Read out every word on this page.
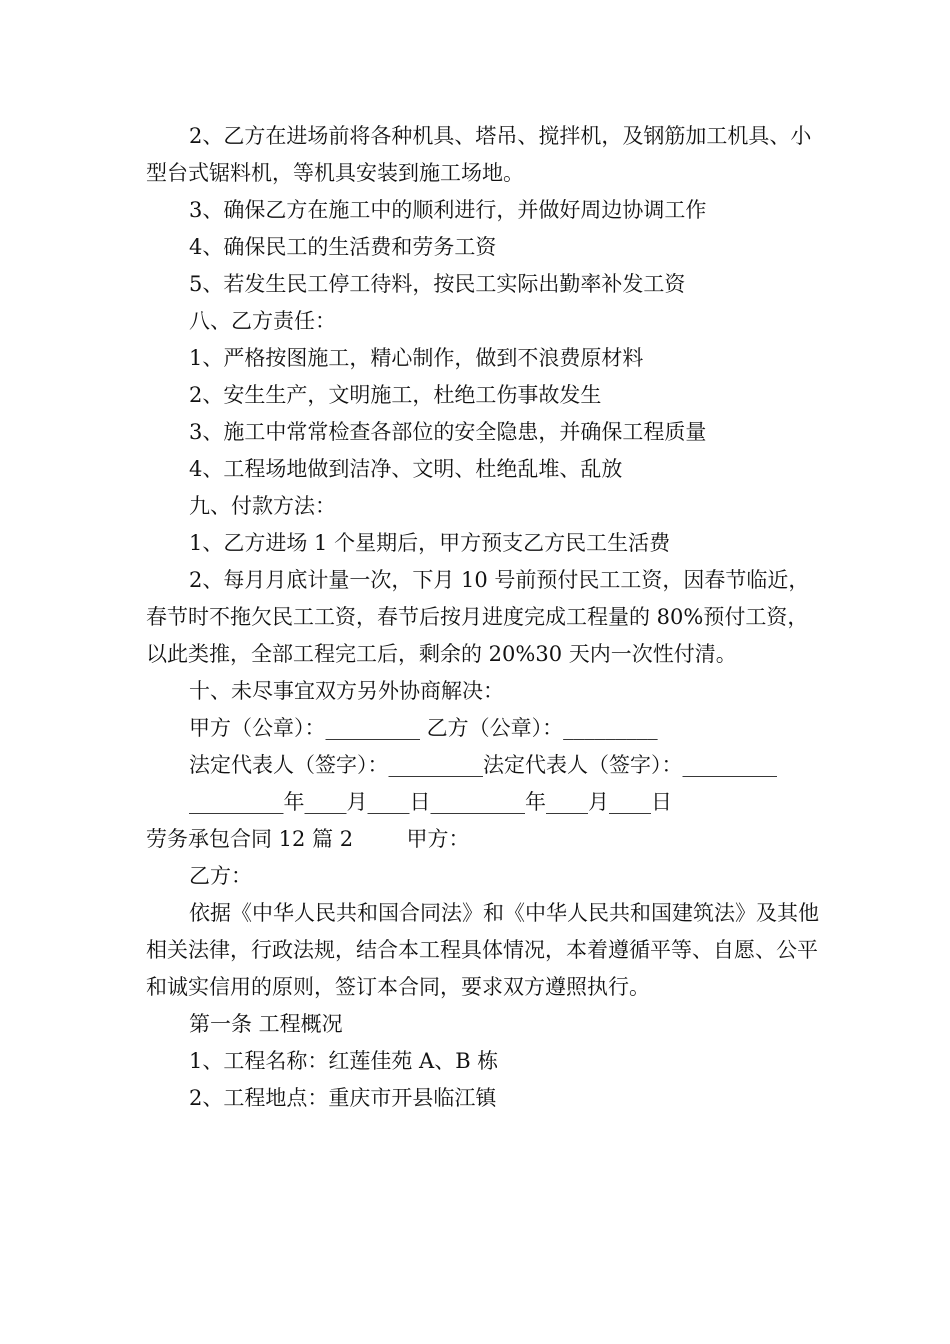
2、乙方在进场前将各种机具、塔吊、搅拌机，及钢筋加工机具、小型台式锯料机，等机具安装到施工场地。

3、确保乙方在施工中的顺利进行，并做好周边协调工作

4、确保民工的生活费和劳务工资

5、若发生民工停工待料，按民工实际出勤率补发工资

八、乙方责任：

1、严格按图施工，精心制作，做到不浪费原材料

2、安生生产，文明施工，杜绝工伤事故发生

3、施工中常常检查各部位的安全隐患，并确保工程质量

4、工程场地做到洁净、文明、杜绝乱堆、乱放

九、付款方法：

1、乙方进场 1 个星期后，甲方预支乙方民工生活费

2、每月月底计量一次，下月 10 号前预付民工工资，因春节临近，春节时不拖欠民工工资，春节后按月进度完成工程量的 80%预付工资，以此类推，全部工程完工后，剩余的 20%30 天内一次性付清。

十、未尽事宜双方另外协商解决：

甲方（公章）：_________ 乙方（公章）：_________

法定代表人（签字）：_________法定代表人（签字）：_________

_________年____月____日_________年____月____日

劳务承包合同 12 篇 2        甲方：

乙方：

依据《中华人民共和国合同法》和《中华人民共和国建筑法》及其他相关法律，行政法规，结合本工程具体情况，本着遵循平等、自愿、公平和诚实信用的原则，签订本合同，要求双方遵照执行。

第一条 工程概况

1、工程名称：红莲佳苑 A、B 栋

2、工程地点：重庆市开县临江镇
